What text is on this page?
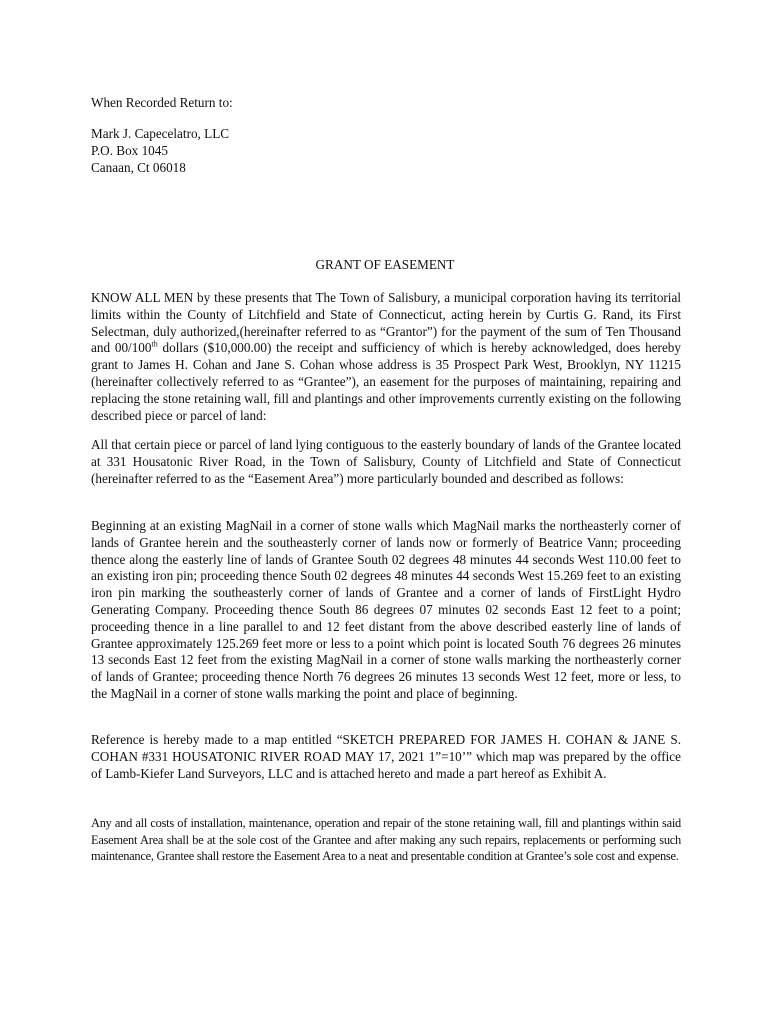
When Recorded Return to:
Mark J. Capecelatro, LLC
P.O. Box 1045
Canaan, Ct 06018
GRANT OF EASEMENT

KNOW ALL MEN by these presents that The Town of Salisbury, a municipal corporation having its territorial limits within the County of Litchfield and State of Connecticut, acting herein by Curtis G. Rand, its First Selectman, duly authorized,(hereinafter referred to as “Grantor”) for the payment of the sum of Ten Thousand and 00/100th dollars ($10,000.00) the receipt and sufficiency of which is hereby acknowledged, does hereby grant to James H. Cohan and Jane S. Cohan whose address is 35 Prospect Park West, Brooklyn, NY 11215 (hereinafter collectively referred to as “Grantee”), an easement for the purposes of maintaining, repairing and replacing the stone retaining wall, fill and plantings and other improvements currently existing on the following described piece or parcel of land:

All that certain piece or parcel of land lying contiguous to the easterly boundary of lands of the Grantee located at 331 Housatonic River Road, in the Town of Salisbury, County of Litchfield and State of Connecticut (hereinafter referred to as the “Easement Area”) more particularly bounded and described as follows:

Beginning at an existing MagNail in a corner of stone walls which MagNail marks the northeasterly corner of lands of Grantee herein and the southeasterly corner of lands now or formerly of Beatrice Vann; proceeding thence along the easterly line of lands of Grantee South 02 degrees 48 minutes 44 seconds West 110.00 feet to an existing iron pin; proceeding thence South 02 degrees 48 minutes 44 seconds West 15.269 feet to an existing iron pin marking the southeasterly corner of lands of Grantee and a corner of lands of FirstLight Hydro Generating Company. Proceeding thence South 86 degrees 07 minutes 02 seconds East 12 feet to a point; proceeding thence in a line parallel to and 12 feet distant from the above described easterly line of lands of Grantee approximately 125.269 feet more or less to a point which point is located South 76 degrees 26 minutes 13 seconds East 12 feet from the existing MagNail in a corner of stone walls marking the northeasterly corner of lands of Grantee; proceeding thence North 76 degrees 26 minutes 13 seconds West 12 feet, more or less, to the MagNail in a corner of stone walls marking the point and place of beginning.

Reference is hereby made to a map entitled “SKETCH PREPARED FOR JAMES H. COHAN & JANE S. COHAN #331 HOUSATONIC RIVER ROAD MAY 17, 2021 1”=10’” which map was prepared by the office of Lamb-Kiefer Land Surveyors, LLC and is attached hereto and made a part hereof as Exhibit A.

Any and all costs of installation, maintenance, operation and repair of the stone retaining wall, fill and plantings within said Easement Area shall be at the sole cost of the Grantee and after making any such repairs, replacements or performing such maintenance, Grantee shall restore the Easement Area to a neat and presentable condition at Grantee’s sole cost and expense.
